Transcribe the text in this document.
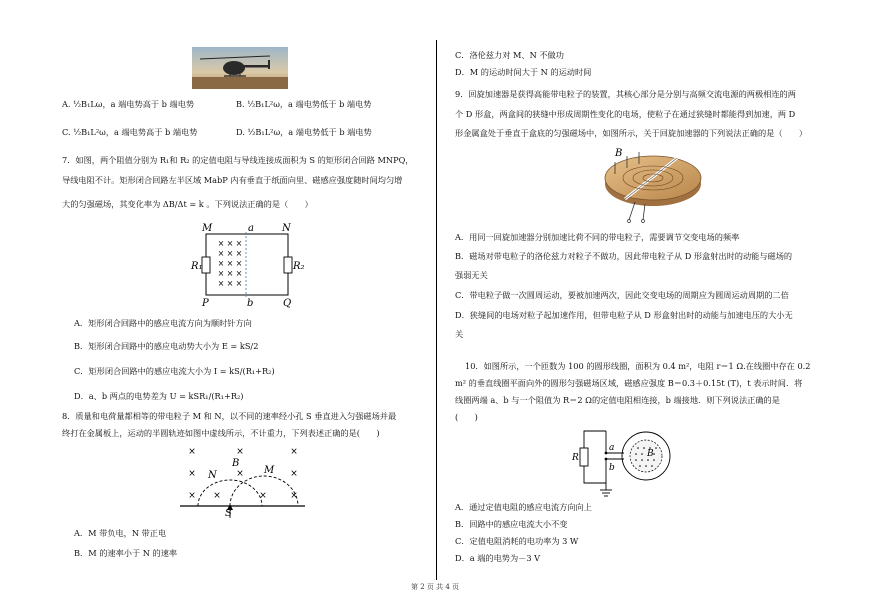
A. ½B₁Lω，a 端电势高于 b 端电势	B. ½B₁L²ω，a 端电势低于 b 端电势
C. ½B₁L²ω，a 端电势高于 b 端电势	D. ½B₁L²ω，a 端电势低于 b 端电势
7．如图，两个阻值分别为 R₁和 R₂ 的定值电阻与导线连接成面积为 S 的矩形闭合回路 MNPQ，
导线电阻不计。矩形闭合回路左半区域 MabP 内有垂直于纸面向里、磁感应强度随时间均匀增
大的匀强磁场，其变化率为 ΔB/Δt = k 。下列说法正确的是（　　）
× × ×
× × ×
× × ×
× × ×
× × ×
M	a	N
P	b	Q
R₁	R₂
A．矩形闭合回路中的感应电流方向为顺时针方向
B．矩形闭合回路中的感应电动势大小为 E = kS/2
C．矩形闭合回路中的感应电流大小为 I = kS/(R₁+R₂)
D．a、b 两点的电势差为 U = kSR₁/(R₁+R₂)
8．质量和电荷量都相等的带电粒子 M 和 N，以不同的速率经小孔 S 垂直进入匀强磁场并最
终打在金属板上，运动的半圆轨迹如图中虚线所示，不计重力，下列表述正确的是(　　)
×	×	×
×	×	×
× ×	×	×
B
N	M
S
A．M 带负电，N 带正电
B．M 的速率小于 N 的速率
C．洛伦兹力对 M、N 不做功
D．M 的运动时间大于 N 的运动时间
9．回旋加速器是获得高能带电粒子的装置，其核心部分是分别与高频交流电源的两极相连的两
个 D 形盒，两盒间的狭缝中形成周期性变化的电场，使粒子在通过狭缝时都能得到加速，两 D
形金属盒处于垂直于盒底的匀强磁场中，如图所示，关于回旋加速器的下列说法正确的是（　　）
B
A．用同一回旋加速器分别加速比荷不同的带电粒子，需要调节交变电场的频率
B．磁场对带电粒子的洛伦兹力对粒子不做功，因此带电粒子从 D 形盒射出时的动能与磁场的
强弱无关
C．带电粒子做一次圆周运动，要被加速两次，因此交变电场的周期应为圆周运动周期的二倍
D．狭缝间的电场对粒子起加速作用，但带电粒子从 D 形盒射出时的动能与加速电压的大小无
关
10．如图所示，一个匝数为 100 的圆形线圈，面积为 0.4 m²，电阻 r＝1 Ω.在线圈中存在 0.2
m² 的垂直线圈平面向外的圆形匀强磁场区域，磁感应强度 B＝0.3＋0.15t (T)，t 表示时间．将
线圈两端 a、b 与一个阻值为 R＝2 Ω的定值电阻相连接，b 端接地．则下列说法正确的是
(　　)
R
a
b
B
A．通过定值电阻的感应电流方向向上
B．回路中的感应电流大小不变
C．定值电阻消耗的电功率为 3 W
D．a 端的电势为－3 V
第 2 页 共 4 页
